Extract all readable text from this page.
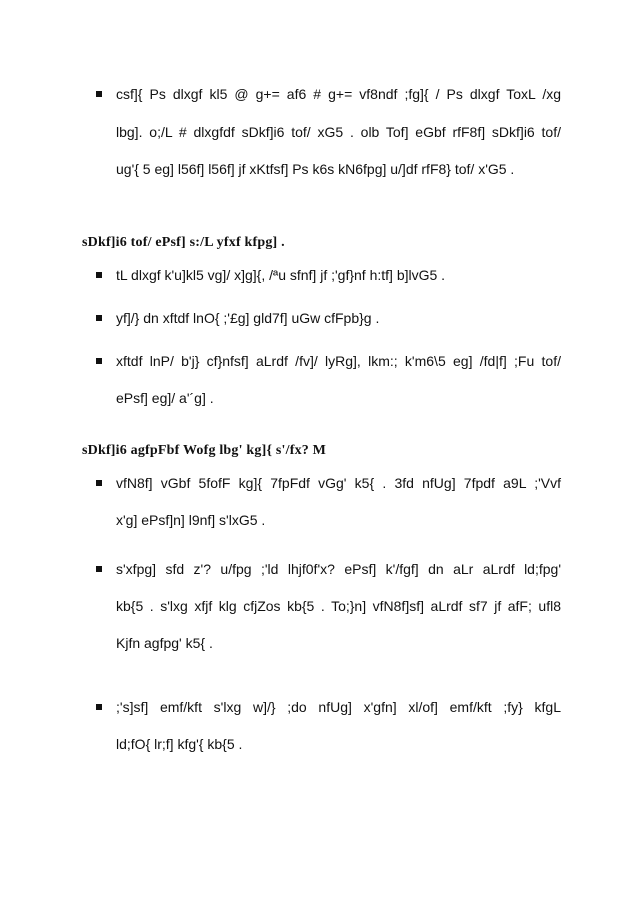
csf]{ Ps dlxgf kl5 @ g+= af6 # g+= vf8ndf ;fg]{ / Ps dlxgf ToxL /xg
lbg]. o;/L # dlxgfdf sDkf]i6 tof/ xG5 . olb Tof] eGbf rfF8f] sDkf]i6 tof/
ug'{ 5 eg] l56f] l56f] jf xKtfsf] Ps k6s kN6fpg] u/]df rfF8} tof/ x'G5 .
sDkf]i6 tof/ ePsf] s:/L yfxf kfpg] .
tL dlxgf k'u]kl5 vg]/ x]g]{, /ªu sfnf] jf ;'gf}nf h:tf] b]lvG5 .
yf]/} dn xftdf lnO{ ;'£g] gld7f] uGw cfFpb}g .
xftdf lnP/ b'j} cf}nfsf] aLrdf /fv]/ lyRg], lkm:; k'm6\5 eg] /fd|f] ;Fu tof/
ePsf] eg]/ a'´g] .
sDkf]i6 agfpFbf Wofg lbg' kg]{ s'/fx? M
vfN8f] vGbf 5fofF kg]{ 7fpFdf vGg' k5{ . 3fd nfUg] 7fpdf a9L ;'Vvf
x'g] ePsf]n] l9nf] s'lxG5 .
s'xfpg] sfd z'? u/fpg ;'ld lhjf0f'x? ePsf] k'/fgf] dn aLr aLrdf ld;fpg'
kb{5 . s'lxg xfjf klg cfjZos kb{5 . To;}n] vfN8f]sf] aLrdf sf7 jf afF; ufl8
Kjfn agfpg' k5{ .
;'s]sf] emf/kft s'lxg w]/} ;do nfUg] x'gfn] xl/of] emf/kft ;fy} kfgL
ld;fO{ lr;f] kfg'{ kb{5 .
